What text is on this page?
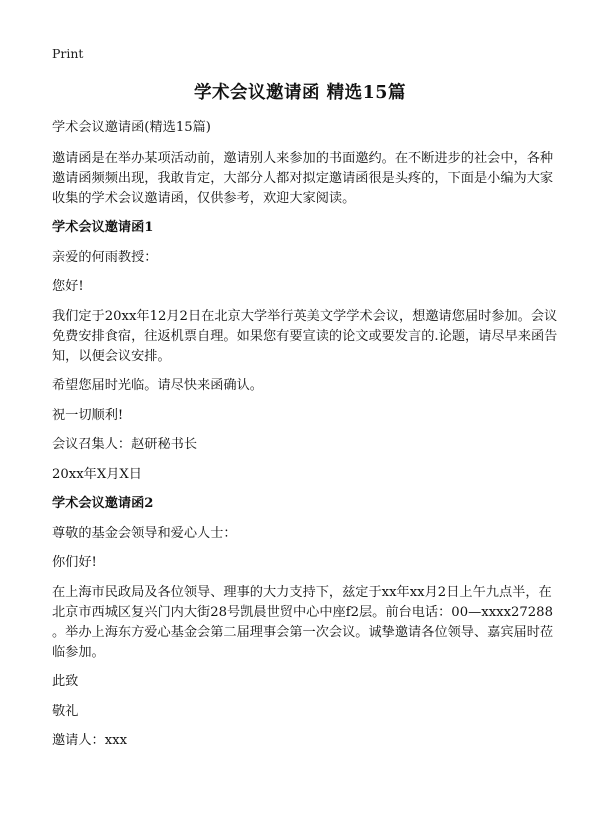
Print
学术会议邀请函 精选15篇

学术会议邀请函(精选15篇)

邀请函是在举办某项活动前，邀请别人来参加的书面邀约。在不断进步的社会中，各种邀请函频频出现，我敢肯定，大部分人都对拟定邀请函很是头疼的，下面是小编为大家收集的学术会议邀请函，仅供参考，欢迎大家阅读。

学术会议邀请函1

亲爱的何雨教授：

您好!

我们定于20xx年12月2日在北京大学举行英美文学学术会议，想邀请您届时参加。会议免费安排食宿，往返机票自理。如果您有要宣读的论文或要发言的.论题，请尽早来函告知，以便会议安排。

希望您届时光临。请尽快来函确认。

祝一切顺利!

会议召集人：赵研秘书长

20xx年X月X日

学术会议邀请函2

尊敬的基金会领导和爱心人士：

你们好!

在上海市民政局及各位领导、理事的大力支持下，兹定于xx年xx月2日上午九点半，在北京市西城区复兴门内大街28号凯晨世贸中心中座f2层。前台电话：00—xxxx27288 。举办上海东方爱心基金会第二届理事会第一次会议。诚挚邀请各位领导、嘉宾届时莅临参加。

此致

敬礼

邀请人：xxx
